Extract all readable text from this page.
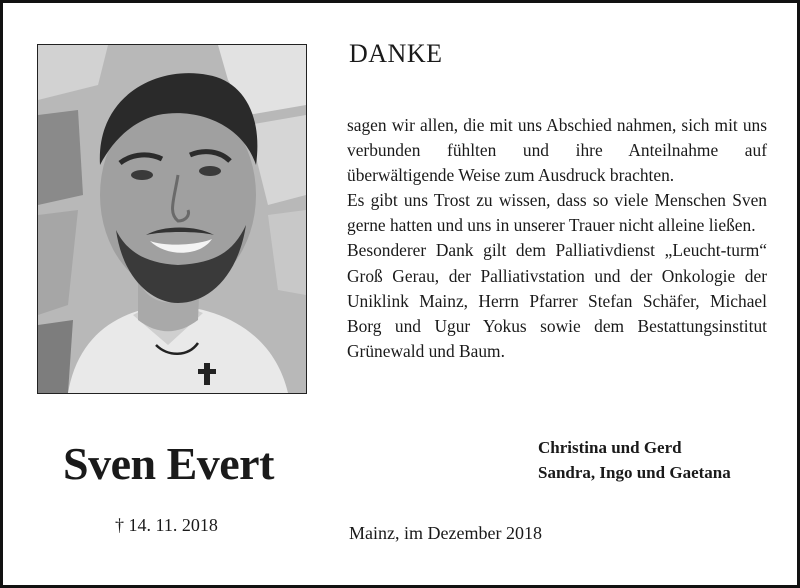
DANKE

sagen wir allen, die mit uns Abschied nahmen, sich mit uns verbunden fühlten und ihre Anteilnahme auf überwältigende Weise zum Ausdruck brachten.

Es gibt uns Trost zu wissen, dass so viele Menschen Sven gerne hatten und uns in unserer Trauer nicht alleine ließen.

Besonderer Dank gilt dem Palliativdienst „Leucht-turm“ Groß Gerau, der Palliativstation und der Onkologie der Uniklink Mainz, Herrn Pfarrer Stefan Schäfer, Michael Borg und Ugur Yokus sowie dem Bestattungsinstitut Grünewald und Baum.

Sven Evert
† 14. 11. 2018
Christina und Gerd
Sandra, Ingo und Gaetana
Mainz, im Dezember 2018
